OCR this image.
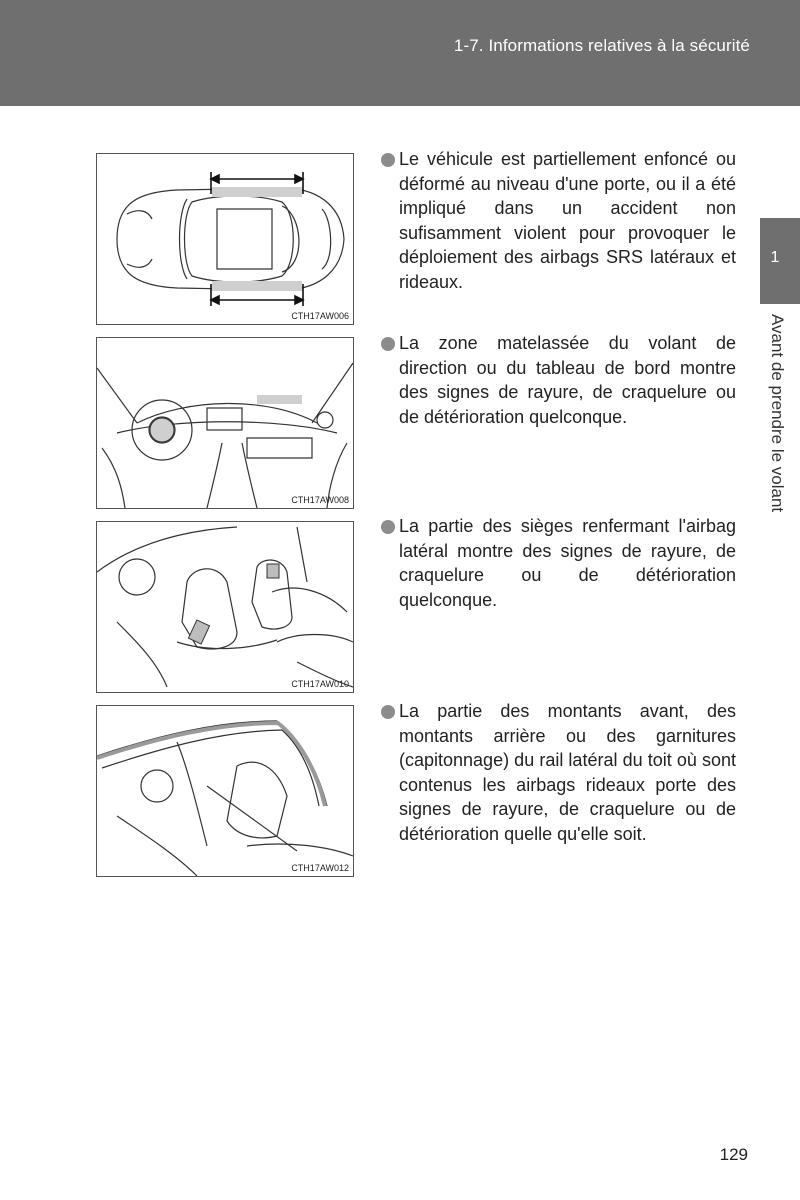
1-7. Informations relatives à la sécurité
1
Avant de prendre le volant
CTH17AW006
CTH17AW008
CTH17AW010
CTH17AW012
Le véhicule est partiellement enfoncé ou déformé au niveau d'une porte, ou il a été impliqué dans un accident non sufisamment violent pour provoquer le déploiement des airbags SRS latéraux et rideaux.
La zone matelassée du volant de direction ou du tableau de bord montre des signes de rayure, de craquelure ou de détérioration quelconque.
La partie des sièges renfermant l'airbag latéral montre des signes de rayure, de craquelure ou de détérioration quelconque.
La partie des montants avant, des montants arrière ou des garnitures (capitonnage) du rail latéral du toit où sont contenus les airbags rideaux porte des signes de rayure, de craquelure ou de détérioration quelle qu'elle soit.
129
